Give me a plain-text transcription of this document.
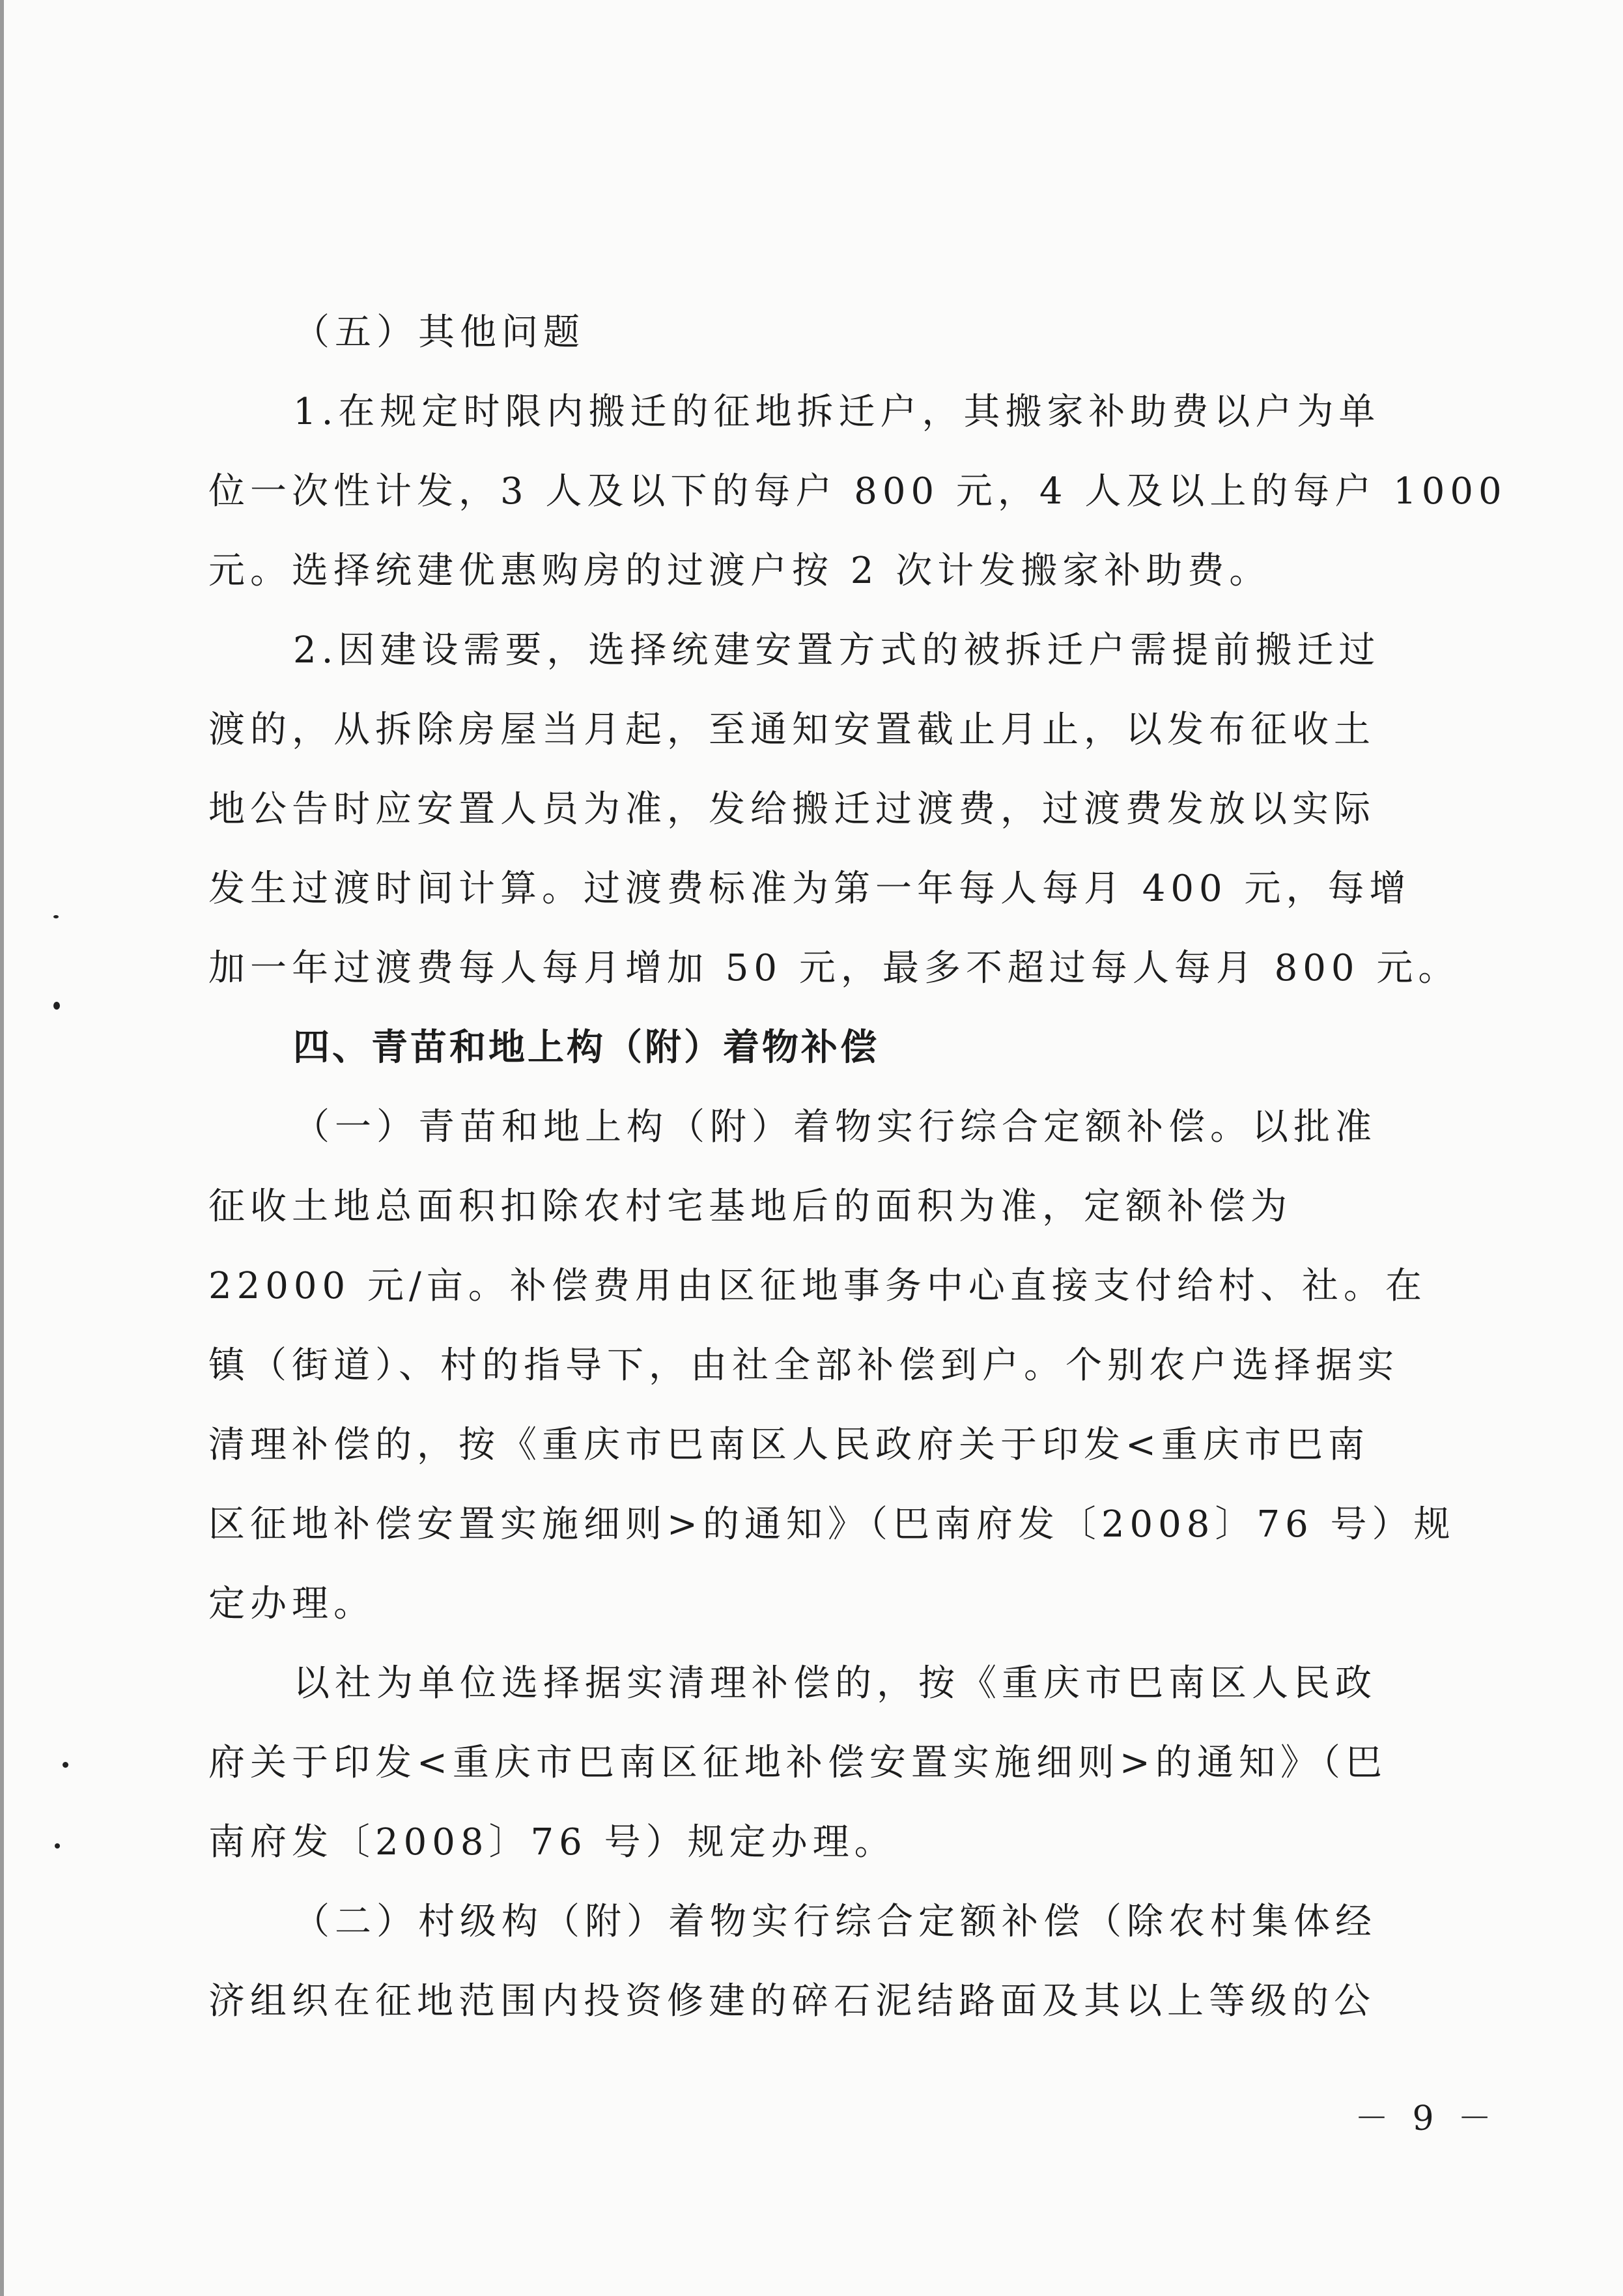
（五）其他问题
1.在规定时限内搬迁的征地拆迁户，其搬家补助费以户为单
位一次性计发，3 人及以下的每户 800 元，4 人及以上的每户 1000
元。选择统建优惠购房的过渡户按 2 次计发搬家补助费。
2.因建设需要，选择统建安置方式的被拆迁户需提前搬迁过
渡的，从拆除房屋当月起，至通知安置截止月止，以发布征收土
地公告时应安置人员为准，发给搬迁过渡费，过渡费发放以实际
发生过渡时间计算。过渡费标准为第一年每人每月 400 元，每增
加一年过渡费每人每月增加 50 元，最多不超过每人每月 800 元。
四、青苗和地上构（附）着物补偿
（一）青苗和地上构（附）着物实行综合定额补偿。以批准
征收土地总面积扣除农村宅基地后的面积为准，定额补偿为
22000 元/亩。补偿费用由区征地事务中心直接支付给村、社。在
镇（街道）、村的指导下，由社全部补偿到户。个别农户选择据实
清理补偿的，按《重庆市巴南区人民政府关于印发<重庆市巴南
区征地补偿安置实施细则>的通知》（巴南府发〔2008〕76 号）规
定办理。
以社为单位选择据实清理补偿的，按《重庆市巴南区人民政
府关于印发<重庆市巴南区征地补偿安置实施细则>的通知》（巴
南府发〔2008〕76 号）规定办理。
（二）村级构（附）着物实行综合定额补偿（除农村集体经
济组织在征地范围内投资修建的碎石泥结路面及其以上等级的公
－ 9 －
